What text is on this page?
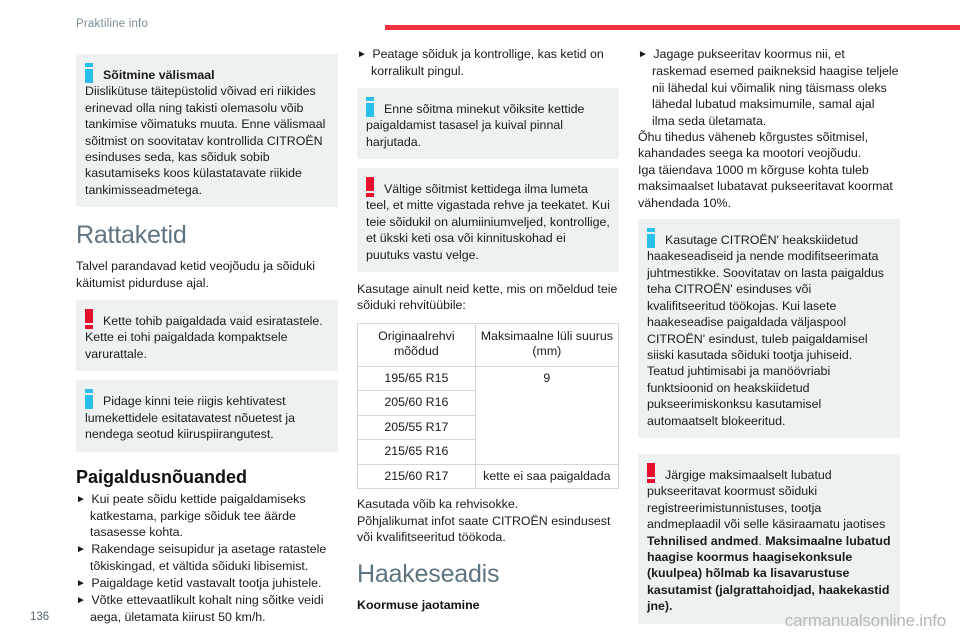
Praktiline info
Sõitmine välismaal
Diislikütuse täitepüstolid võivad eri riikides erinevad olla ning takisti olemasolu võib tankimise võimatuks muuta. Enne välismaal sõitmist on soovitatav kontrollida CITROËN esinduses seda, kas sõiduk sobib kasutamiseks koos külastatavate riikide tankimisseadmetega.
Rattaketid
Talvel parandavad ketid veojõudu ja sõiduki käitumist pidurduse ajal.
Kette tohib paigaldada vaid esiratastele. Kette ei tohi paigaldada kompaktsele varurattale.
Pidage kinni teie riigis kehtivatest lumekettidele esitatavatest nõuetest ja nendega seotud kiiruspiirangutest.
Paigaldusnõuanded

► Kui peate sõidu kettide paigaldamiseks katkestama, parkige sõiduk tee äärde tasasesse kohta.

► Rakendage seisupidur ja asetage ratastele tõkiskingad, et vältida sõiduki libisemist.

► Paigaldage ketid vastavalt tootja juhistele.

► Võtke ettevaatlikult kohalt ning sõitke veidi aega, ületamata kiirust 50 km/h.

► Peatage sõiduk ja kontrollige, kas ketid on korralikult pingul.

Enne sõitma minekut võiksite kettide paigaldamist tasasel ja kuival pinnal harjutada.
Vältige sõitmist kettidega ilma lumeta teel, et mitte vigastada rehve ja teekatet. Kui teie sõidukil on alumiiniumveljed, kontrollige, et ükski keti osa või kinnituskohad ei puutuks vastu velge.
Kasutage ainult neid kette, mis on mõeldud teie sõiduki rehvitüübile:
Originaalrehvi mõõdud	Maksimaalne lüli suurus (mm)
195/65 R15	9
205/60 R16	
205/55 R17	
215/65 R16	
215/60 R17	kette ei saa paigaldada
Kasutada võib ka rehvisokke.
Põhjalikumat infot saate CITROËN esindusest või kvalifitseeritud töökoda.
Haakeseadis
Koormuse jaotamine

► Jagage pukseeritav koormus nii, et raskemad esemed paikneksid haagise teljele nii lähedal kui võimalik ning täismass oleks lähedal lubatud maksimumile, samal ajal ilma seda ületamata.

Õhu tihedus väheneb kõrgustes sõitmisel, kahandades seega ka mootori veojõudu.
Iga täiendava 1000 m kõrguse kohta tuleb maksimaalset lubatavat pukseeritavat koormat vähendada 10%.
Kasutage CITROËN' heakskiidetud haakeseadiseid ja nende modifitseerimata juhtmestikke. Soovitatav on lasta paigaldus teha CITROËN' esinduses või kvalifitseeritud töökojas. Kui lasete haakeseadise paigaldada väljaspool CITROËN' esindust, tuleb paigaldamisel siiski kasutada sõiduki tootja juhiseid. Teatud juhtimisabi ja manöövriabi funktsioonid on heakskiidetud pukseerimiskonksu kasutamisel automaatselt blokeeritud.
Järgige maksimaalselt lubatud pukseeritavat koormust sõiduki registreerimistunnistuses, tootja andmeplaadil või selle käsiraamatu jaotises Tehnilised andmed. Maksimaalne lubatud haagise koormus haagisekonksule (kuulpea) hõlmab ka lisavarustuse kasutamist (jalgrattahoidjad, haakekastid jne).
136	carmanualsonline.info
